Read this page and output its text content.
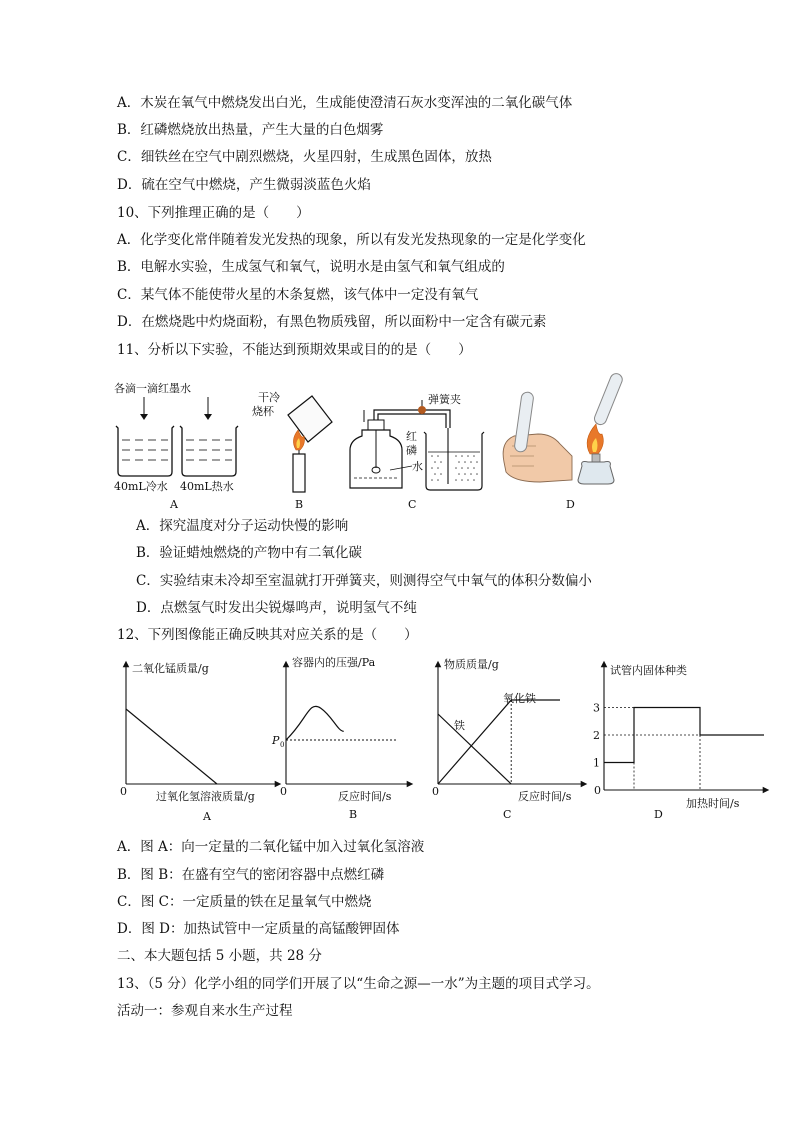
A．木炭在氧气中燃烧发出白光，生成能使澄清石灰水变浑浊的二氧化碳气体
B．红磷燃烧放出热量，产生大量的白色烟雾
C．细铁丝在空气中剧烈燃烧，火星四射，生成黑色固体，放热
D．硫在空气中燃烧，产生微弱淡蓝色火焰
10、下列推理正确的是（　　）
A．化学变化常伴随着发光发热的现象，所以有发光发热现象的一定是化学变化
B．电解水实验，生成氢气和氧气，说明水是由氢气和氧气组成的
C．某气体不能使带火星的木条复燃，该气体中一定没有氧气
D．在燃烧匙中灼烧面粉，有黑色物质残留，所以面粉中一定含有碳元素
11、分析以下实验，不能达到预期效果或目的的是（　　）
各滴一滴红墨水
40mL冷水 40mL热水
A
干冷
烧杯
B
弹簧夹
红
磷
水
C	D
A．探究温度对分子运动快慢的影响
B．验证蜡烛燃烧的产物中有二氧化碳
C．实验结束未冷却至室温就打开弹簧夹，则测得空气中氧气的体积分数偏小
D．点燃氢气时发出尖锐爆鸣声，说明氢气不纯
12、下列图像能正确反映其对应关系的是（　　）
二氧化锰质量/g
过氧化氢溶液质量/g
0
A
容器内的压强/Pa
反应时间/s
0
P 0
B
物质质量/g
反应时间/s
0
C
铁
氧化铁
试管内固体种类
加热时间/s
0
D
1
2
3
A．图 A：向一定量的二氧化锰中加入过氧化氢溶液
B．图 B：在盛有空气的密闭容器中点燃红磷
C．图 C：一定质量的铁在足量氧气中燃烧
D．图 D：加热试管中一定质量的高锰酸钾固体
二、本大题包括 5 小题，共 28 分
13、（5 分）化学小组的同学们开展了以“生命之源—一水”为主题的项目式学习。
活动一：参观自来水生产过程
